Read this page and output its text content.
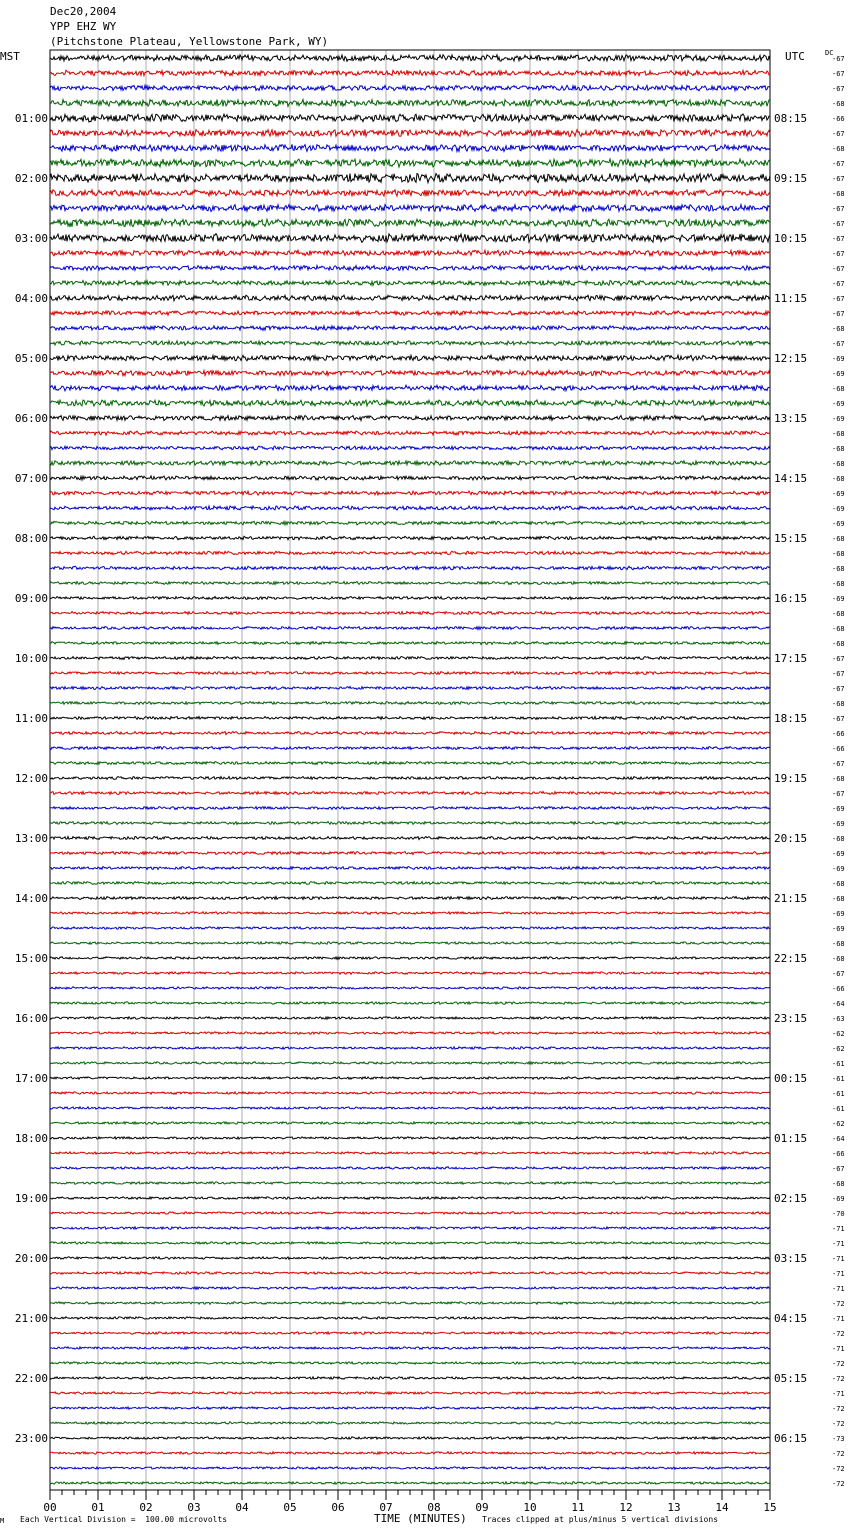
Dec20,2004
YPP EHZ WY
(Pitchstone Plateau, Yellowstone Park, WY)
MST	UTC	DC
01:00
02:00
03:00
04:00
05:00
06:00
07:00
08:00
09:00
10:00
11:00
12:00
13:00
14:00
15:00
16:00
17:00
18:00
19:00
20:00
21:00
22:00
23:00
08:15
09:15
10:15
11:15
12:15
13:15
14:15
15:15
16:15
17:15
18:15
19:15
20:15
21:15
22:15
23:15
00:15
01:15
02:15
03:15
04:15
05:15
06:15
-67
-67
-67
-68
-66
-67
-68
-67
-67
-68
-67
-67
-67
-67
-67
-67
-67
-67
-68
-67
-69
-69
-68
-69
-69
-68
-68
-68
-68
-69
-69
-69
-68
-68
-68
-68
-69
-68
-68
-68
-67
-67
-67
-68
-67
-66
-66
-67
-68
-67
-69
-69
-68
-69
-69
-68
-68
-69
-69
-68
-68
-67
-66
-64
-63
-62
-62
-61
-61
-61
-61
-62
-64
-66
-67
-68
-69
-70
-71
-71
-71
-71
-71
-72
-71
-72
-71
-72
-72
-71
-72
-72
-73
-72
-72
-72
00	01	02	03	04	05	06	07	08	09	10	11	12	13	14	15
M Each Vertical Division =  100.00 microvolts	TIME (MINUTES) Traces clipped at plus/minus 5 vertical divisions
